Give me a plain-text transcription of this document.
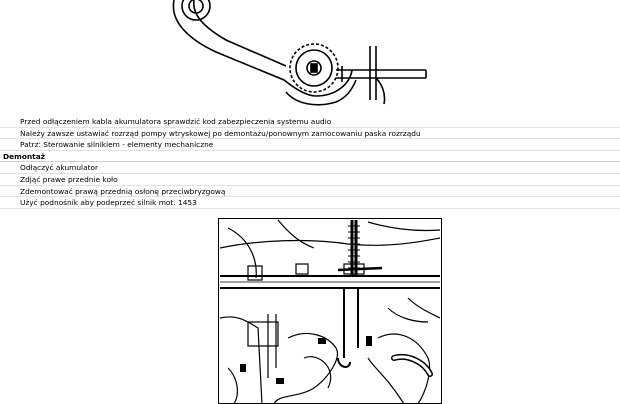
Przed odłączeniem kabla akumulatora sprawdzić kod zabezpieczenia systemu audio
Należy zawsze ustawiać rozrząd pompy wtryskowej po demontażu/ponownym zamocowaniu paska rozrządu
Patrz: Sterowanie silnikiem - elementy mechaniczne
Demontaż
Odłączyć akumulator
Zdjąć prawe przednie koło
Zdemontować prawą przednią osłonę przeciwbryzgową
Użyć podnośnik aby podeprzeć silnik mot. 1453
